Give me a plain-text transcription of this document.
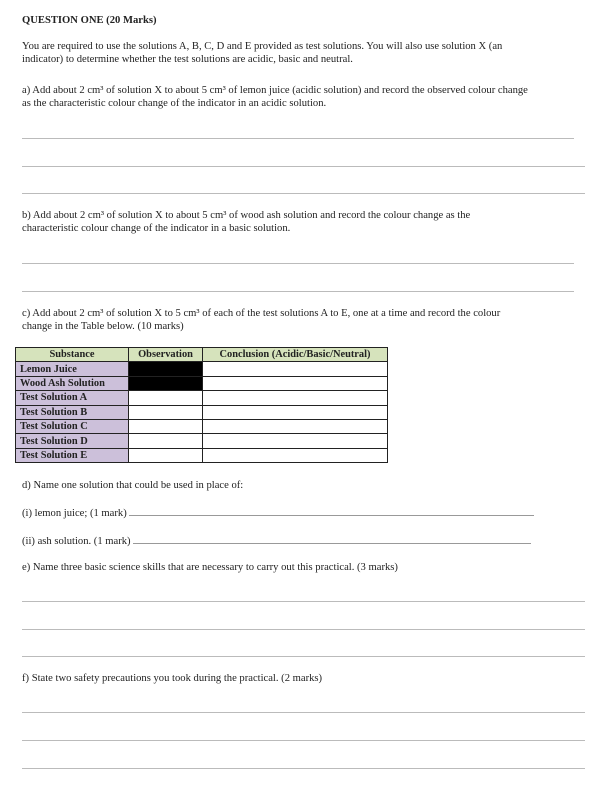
QUESTION ONE (20 Marks)
You are required to use the solutions A, B, C, D and E provided as test solutions. You will also use solution X (an
indicator) to determine whether the test solutions are acidic, basic and neutral.
a) Add about 2 cm³ of solution X to about 5 cm³ of lemon juice (acidic solution) and record the observed colour change
as the characteristic colour change of the indicator in an acidic solution.
b) Add about 2 cm³ of solution X to about 5 cm³ of wood ash solution and record the colour change as the
characteristic colour change of the indicator in a basic solution.
c) Add about 2 cm³ of solution X to 5 cm³ of each of the test solutions A to E, one at a time and record the colour
change in the Table below. (10 marks)
Substance	Observation	Conclusion (Acidic/Basic/Neutral)
Lemon Juice		
Wood Ash Solution		
Test Solution A		
Test Solution B		
Test Solution C		
Test Solution D		
Test Solution E		
d) Name one solution that could be used in place of:
(i) lemon juice; (1 mark)
(ii) ash solution. (1 mark)
e) Name three basic science skills that are necessary to carry out this practical. (3 marks)
f) State two safety precautions you took during the practical. (2 marks)
